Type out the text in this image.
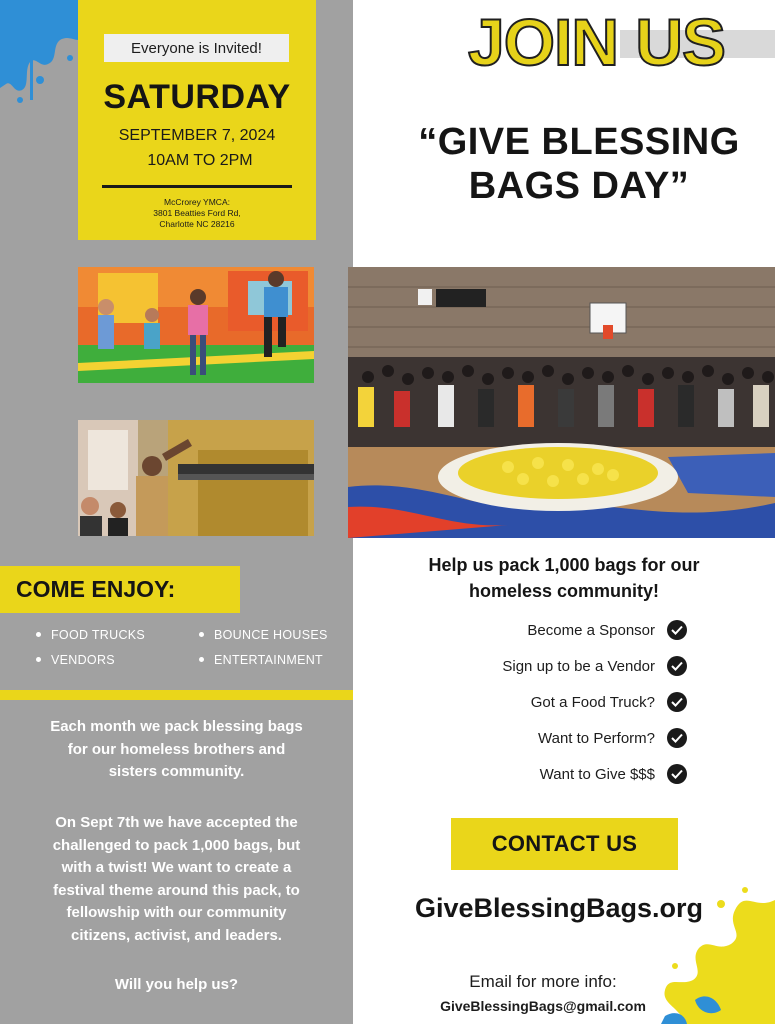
Everyone is Invited!
SATURDAY
SEPTEMBER 7, 2024
10AM TO 2PM
McCrorey YMCA:
3801 Beatties Ford Rd,
Charlotte NC 28216
COME ENJOY:
FOOD TRUCKS
VENDORS
BOUNCE HOUSES
ENTERTAINMENT
Each month we pack blessing bags
for our homeless brothers and
sisters community.
On Sept 7th we have accepted the
challenged to pack 1,000 bags, but
with a twist! We want to create a
festival theme around this pack, to
fellowship with our community
citizens, activist, and leaders.
Will you help us?
JOIN US
“GIVE BLESSING
BAGS DAY”
Help us pack 1,000 bags for our
homeless community!
Become a Sponsor
Sign up to be a Vendor
Got a Food Truck?
Want to Perform?
Want to Give $$$
CONTACT US
GiveBlessingBags.org
Email for more info:
GiveBlessingBags@gmail.com
